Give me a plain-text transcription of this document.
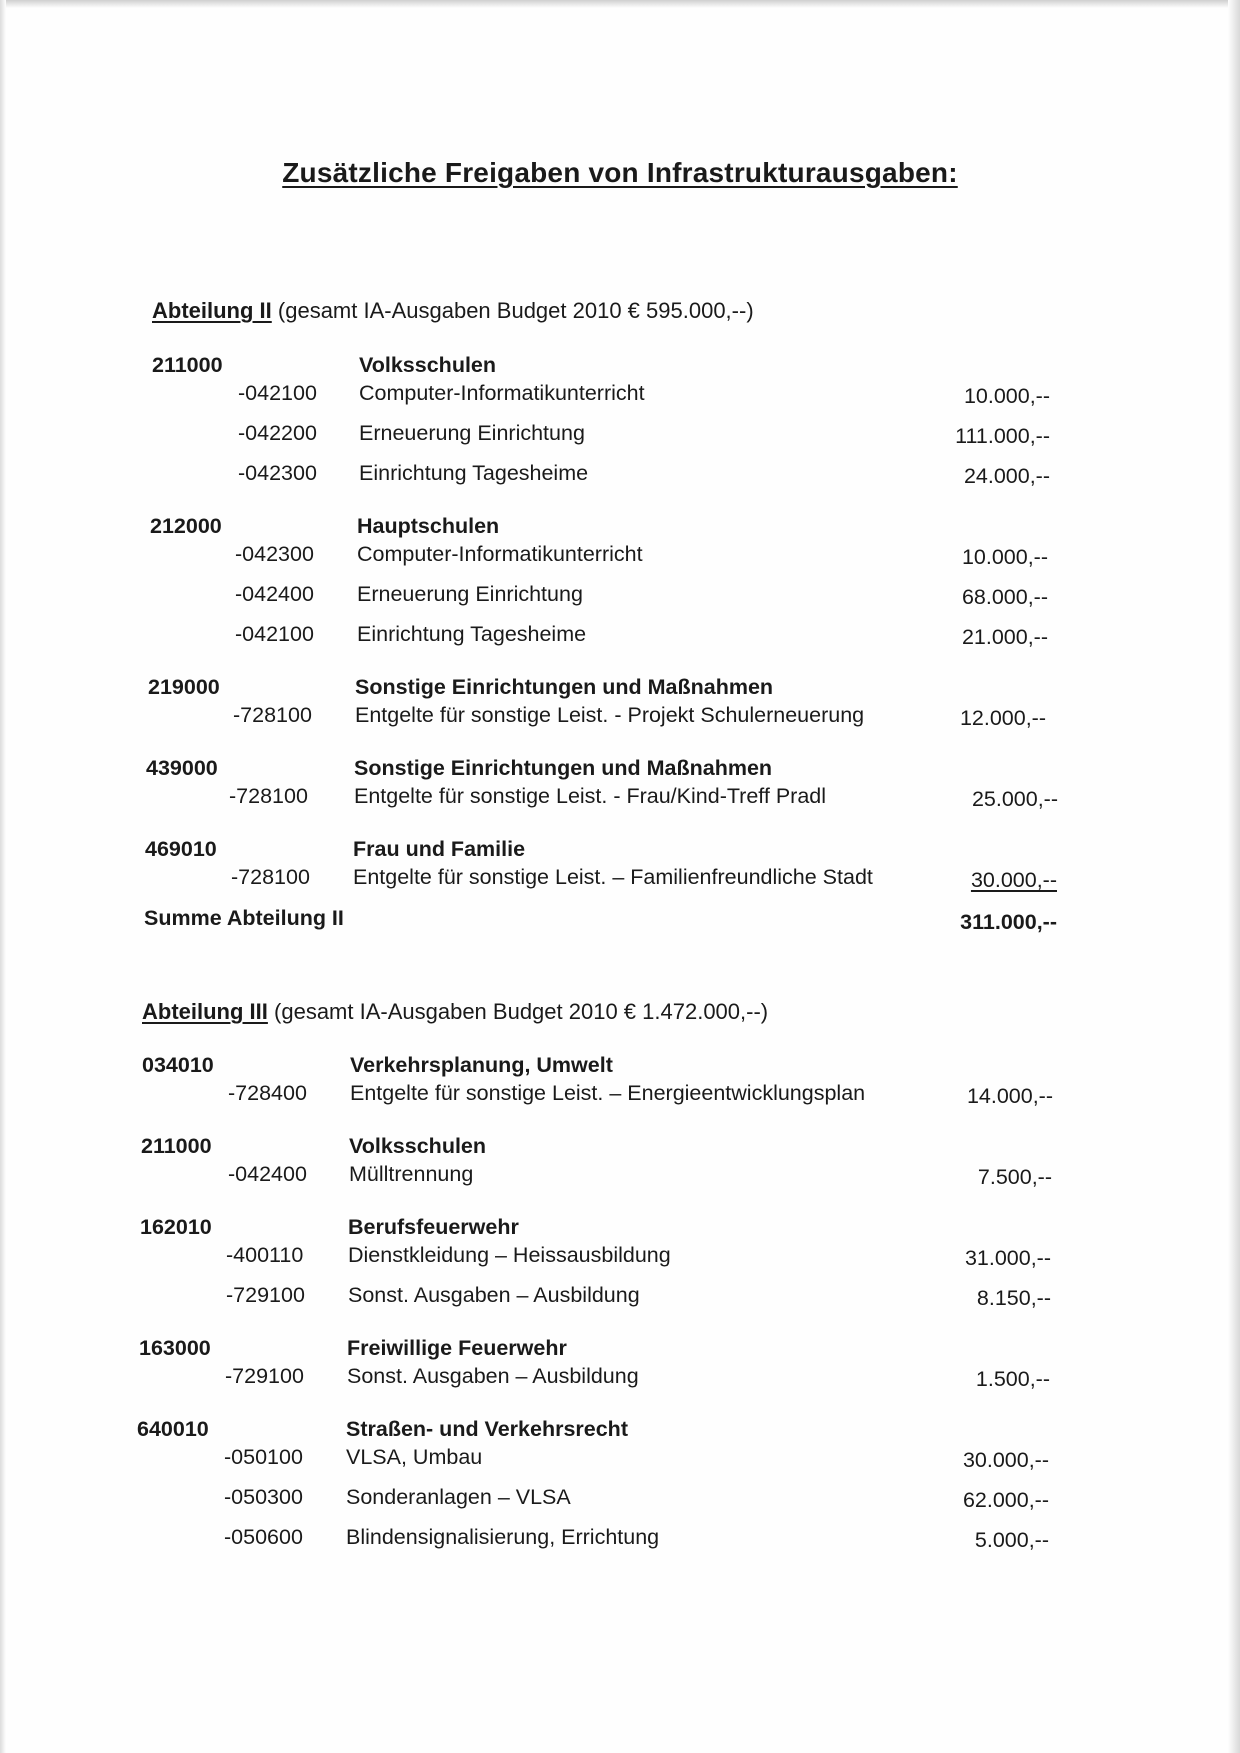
Zusätzliche Freigaben von Infrastrukturausgaben:
Abteilung II (gesamt IA-Ausgaben Budget 2010 € 595.000,--)
211000	Volksschulen
-042100 Computer-Informatikunterricht	10.000,--
-042200 Erneuerung Einrichtung	111.000,--
-042300 Einrichtung Tagesheime	24.000,--
212000	Hauptschulen
-042300 Computer-Informatikunterricht	10.000,--
-042400 Erneuerung Einrichtung	68.000,--
-042100 Einrichtung Tagesheime	21.000,--
219000	Sonstige Einrichtungen und Maßnahmen
-728100 Entgelte für sonstige Leist. - Projekt Schulerneuerung	12.000,--
439000	Sonstige Einrichtungen und Maßnahmen
-728100 Entgelte für sonstige Leist. - Frau/Kind-Treff Pradl	25.000,--
469010	Frau und Familie
-728100 Entgelte für sonstige Leist. – Familienfreundliche Stadt	30.000,--
Summe Abteilung II	311.000,--
Abteilung III (gesamt IA-Ausgaben Budget 2010 € 1.472.000,--)
034010	Verkehrsplanung, Umwelt
-728400 Entgelte für sonstige Leist. – Energieentwicklungsplan	14.000,--
211000	Volksschulen
-042400 Mülltrennung	7.500,--
162010	Berufsfeuerwehr
-400110 Dienstkleidung – Heissausbildung	31.000,--
-729100 Sonst. Ausgaben – Ausbildung	8.150,--
163000	Freiwillige Feuerwehr
-729100 Sonst. Ausgaben – Ausbildung	1.500,--
640010	Straßen- und Verkehrsrecht
-050100 VLSA, Umbau	30.000,--
-050300 Sonderanlagen – VLSA	62.000,--
-050600 Blindensignalisierung, Errichtung	5.000,--
